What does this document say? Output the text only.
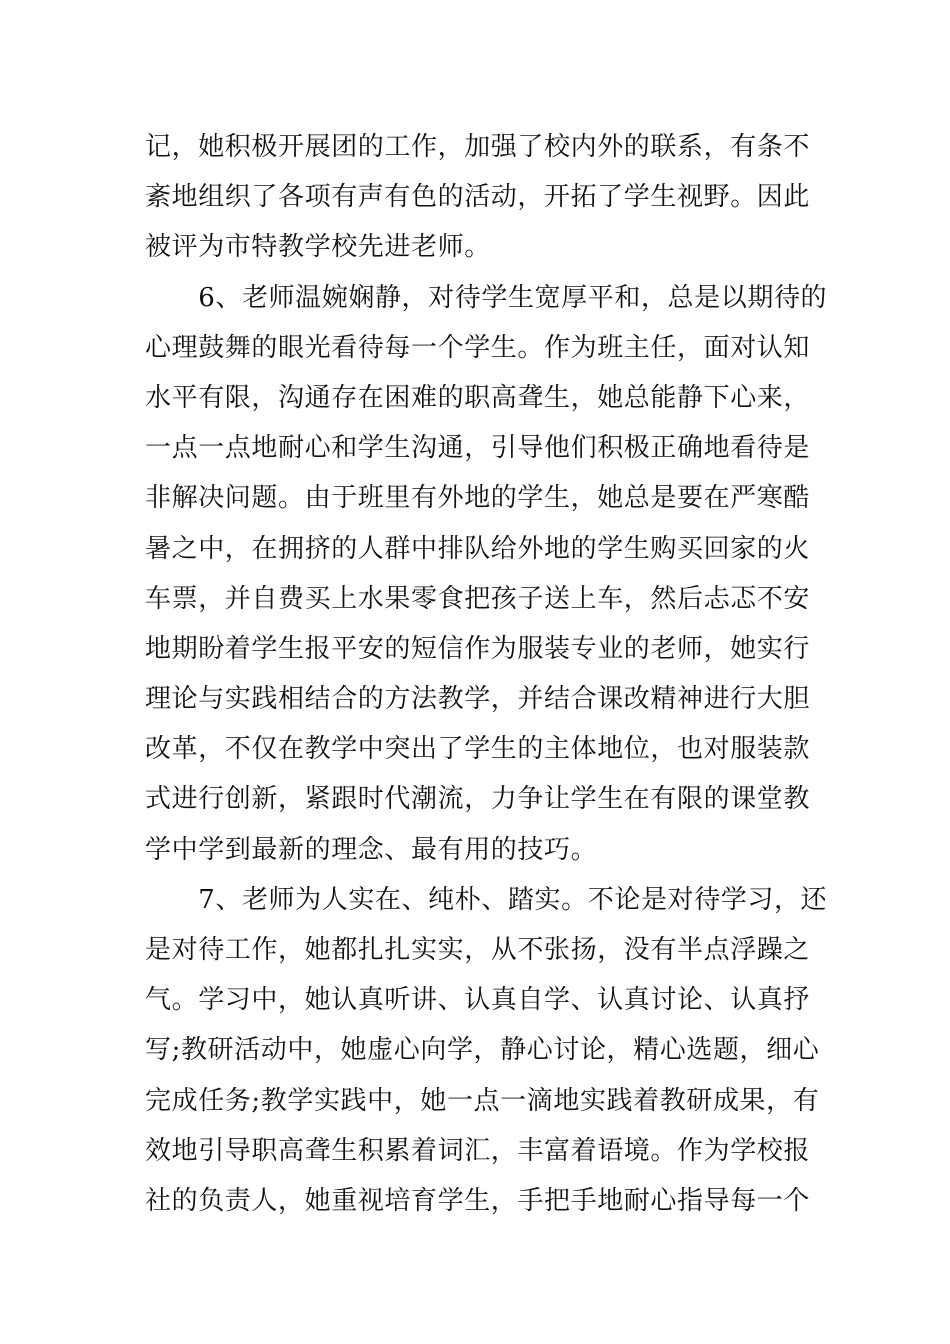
记，她积极开展团的工作，加强了校内外的联系，有条不
紊地组织了各项有声有色的活动，开拓了学生视野。因此
被评为市特教学校先进老师。
　　6、老师温婉娴静，对待学生宽厚平和，总是以期待的
心理鼓舞的眼光看待每一个学生。作为班主任，面对认知
水平有限，沟通存在困难的职高聋生，她总能静下心来，
一点一点地耐心和学生沟通，引导他们积极正确地看待是
非解决问题。由于班里有外地的学生，她总是要在严寒酷
暑之中，在拥挤的人群中排队给外地的学生购买回家的火
车票，并自费买上水果零食把孩子送上车，然后忐忑不安
地期盼着学生报平安的短信作为服装专业的老师，她实行
理论与实践相结合的方法教学，并结合课改精神进行大胆
改革，不仅在教学中突出了学生的主体地位，也对服装款
式进行创新，紧跟时代潮流，力争让学生在有限的课堂教
学中学到最新的理念、最有用的技巧。
　　7、老师为人实在、纯朴、踏实。不论是对待学习，还
是对待工作，她都扎扎实实，从不张扬，没有半点浮躁之
气。学习中，她认真听讲、认真自学、认真讨论、认真抒
写;教研活动中，她虚心向学，静心讨论，精心选题，细心
完成任务;教学实践中，她一点一滴地实践着教研成果，有
效地引导职高聋生积累着词汇，丰富着语境。作为学校报
社的负责人，她重视培育学生，手把手地耐心指导每一个
